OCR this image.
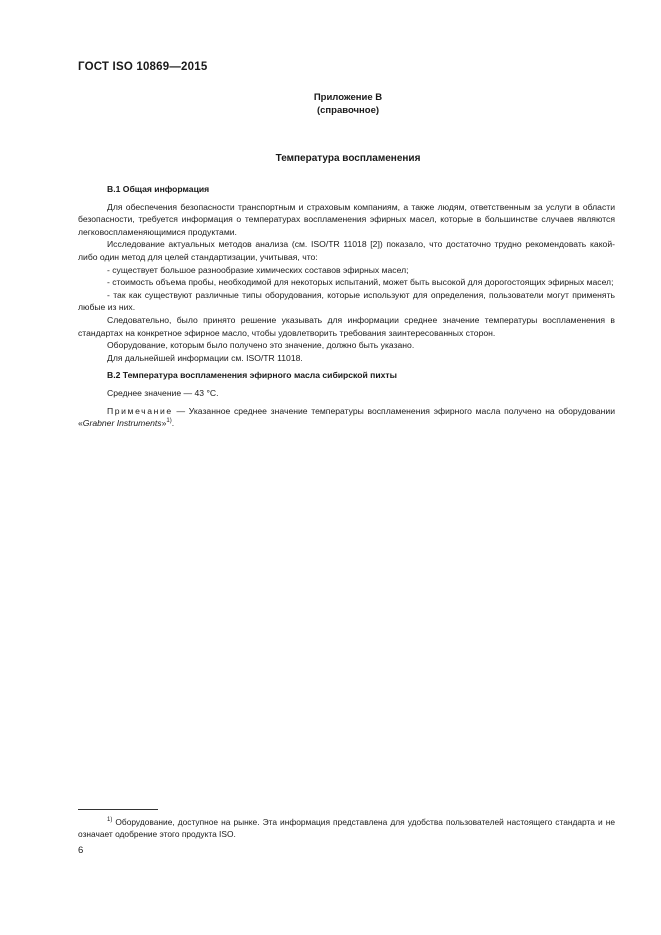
ГОСТ ISO 10869—2015
Приложение В
(справочное)
Температура воспламенения
В.1 Общая информация

Для обеспечения безопасности транспортным и страховым компаниям, а также людям, ответственным за услуги в области безопасности, требуется информация о температурах воспламенения эфирных масел, которые в большинстве случаев являются легковоспламеняющимися продуктами.

Исследование актуальных методов анализа (см. ISO/TR 11018 [2]) показало, что достаточно трудно рекомендовать какой-либо один метод для целей стандартизации, учитывая, что:

- существует большое разнообразие химических составов эфирных масел;

- стоимость объема пробы, необходимой для некоторых испытаний, может быть высокой для дорогостоящих эфирных масел;

- так как существуют различные типы оборудования, которые используют для определения, пользователи могут применять любые из них.

Следовательно, было принято решение указывать для информации среднее значение температуры воспламенения в стандартах на конкретное эфирное масло, чтобы удовлетворить требования заинтересованных сторон.

Оборудование, которым было получено это значение, должно быть указано.

Для дальнейшей информации см. ISO/TR 11018.

В.2 Температура воспламенения эфирного масла сибирской пихты

Среднее значение — 43 °С.

Примечание — Указанное среднее значение температуры воспламенения эфирного масла получено на оборудовании «Grabner Instruments»$^{1)}$.

$^{1)}$ Оборудование, доступное на рынке. Эта информация представлена для удобства пользователей настоящего стандарта и не означает одобрение этого продукта ISO.

6
